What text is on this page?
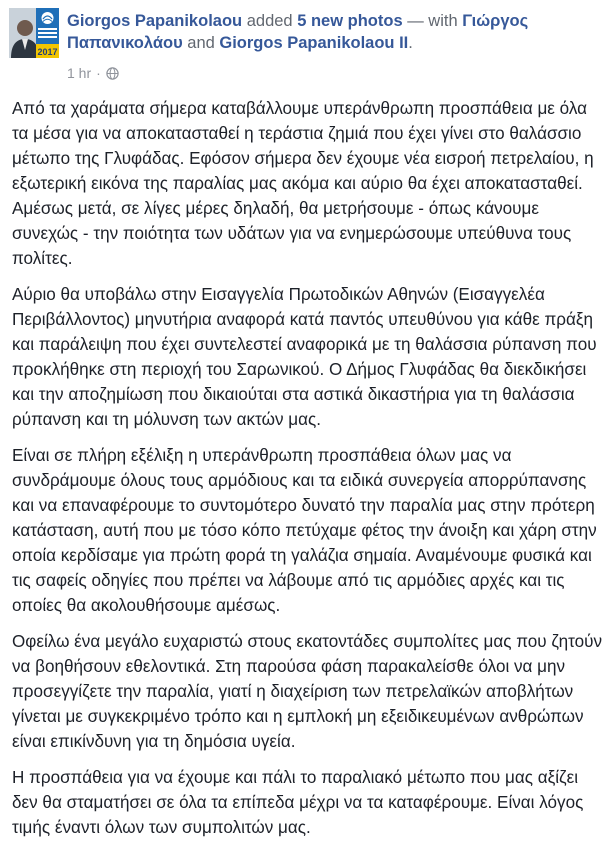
2017
Giorgos Papanikolaou added 5 new photos — with Γιώργος Παπανικολάου and Giorgos Papanikolaou II.
1 hr ·

Από τα χαράματα σήμερα καταβάλλουμε υπεράνθρωπη προσπάθεια με όλα τα μέσα για να αποκατασταθεί η τεράστια ζημιά που έχει γίνει στο θαλάσσιο μέτωπο της Γλυφάδας. Εφόσον σήμερα δεν έχουμε νέα εισροή πετρελαίου, η εξωτερική εικόνα της παραλίας μας ακόμα και αύριο θα έχει αποκατασταθεί. Αμέσως μετά, σε λίγες μέρες δηλαδή, θα μετρήσουμε - όπως κάνουμε συνεχώς - την ποιότητα των υδάτων για να ενημερώσουμε υπεύθυνα τους πολίτες.

Αύριο θα υποβάλω στην Εισαγγελία Πρωτοδικών Αθηνών (Εισαγγελέα Περιβάλλοντος) μηνυτήρια αναφορά κατά παντός υπευθύνου για κάθε πράξη και παράλειψη που έχει συντελεστεί αναφορικά με τη θαλάσσια ρύπανση που προκλήθηκε στη περιοχή του Σαρωνικού. Ο Δήμος Γλυφάδας θα διεκδικήσει και την αποζημίωση που δικαιούται στα αστικά δικαστήρια για τη θαλάσσια ρύπανση και τη μόλυνση των ακτών μας.

Είναι σε πλήρη εξέλιξη η υπεράνθρωπη προσπάθεια όλων μας να συνδράμουμε όλους τους αρμόδιους και τα ειδικά συνεργεία απορρύπανσης και να επαναφέρουμε το συντομότερο δυνατό την παραλία μας στην πρότερη κατάσταση, αυτή που με τόσο κόπο πετύχαμε φέτος την άνοιξη και χάρη στην οποία κερδίσαμε για πρώτη φορά τη γαλάζια σημαία. Αναμένουμε φυσικά και τις σαφείς οδηγίες που πρέπει να λάβουμε από τις αρμόδιες αρχές και τις οποίες θα ακολουθήσουμε αμέσως.

Οφείλω ένα μεγάλο ευχαριστώ στους εκατοντάδες συμπολίτες μας που ζητούν να βοηθήσουν εθελοντικά. Στη παρούσα φάση παρακαλείσθε όλοι να μην προσεγγίζετε την παραλία, γιατί η διαχείριση των πετρελαϊκών αποβλήτων γίνεται με συγκεκριμένο τρόπο και η εμπλοκή μη εξειδικευμένων ανθρώπων είναι επικίνδυνη για τη δημόσια υγεία.

Η προσπάθεια για να έχουμε και πάλι το παραλιακό μέτωπο που μας αξίζει δεν θα σταματήσει σε όλα τα επίπεδα μέχρι να τα καταφέρουμε. Είναι λόγος τιμής έναντι όλων των συμπολιτών μας.
